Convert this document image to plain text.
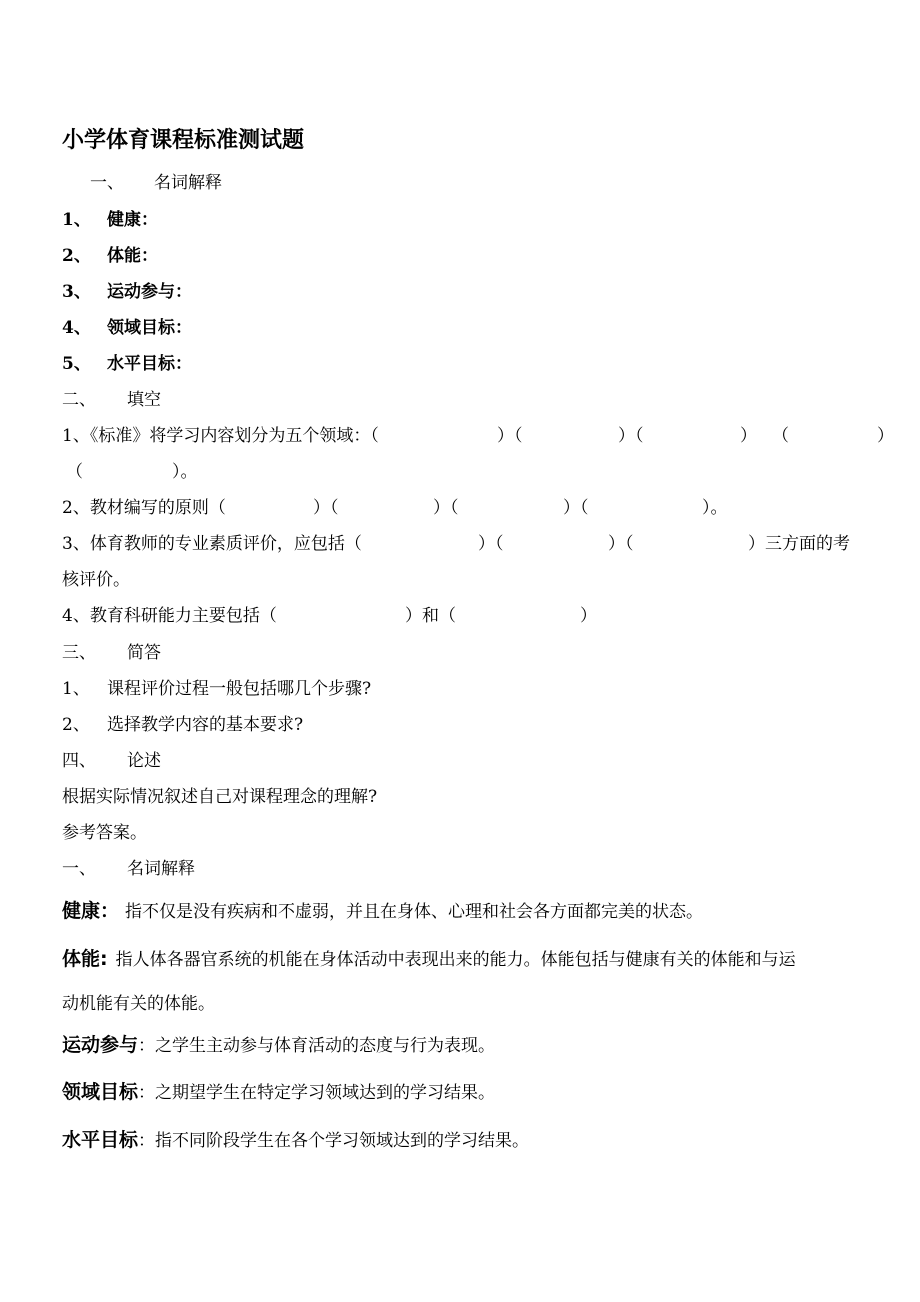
小学体育课程标准测试题
一、 名词解释
1、 健康：
2、 体能：
3、 运动参与：
4、 领域目标：
5、 水平目标：
二、 填空
1、《标准》将学习内容划分为五个领域：（	）（	）（	） （	）
（	）。
2、教材编写的原则（	）（	）（	）（	）。
3、体育教师的专业素质评价，应包括（	）（	）（	）三方面的考
核评价。
4、教育科研能力主要包括（	）和（	）
三、 简答
1、 课程评价过程一般包括哪几个步骤?
2、 选择教学内容的基本要求?
四、 论述
根据实际情况叙述自己对课程理念的理解?
参考答案。
一、 名词解释
健康： 指不仅是没有疾病和不虚弱，并且在身体、心理和社会各方面都完美的状态。
体能: 指人体各器官系统的机能在身体活动中表现出来的能力。体能包括与健康有关的体能和与运
动机能有关的体能。
运动参与：之学生主动参与体育活动的态度与行为表现。
领域目标：之期望学生在特定学习领域达到的学习结果。
水平目标：指不同阶段学生在各个学习领域达到的学习结果。
